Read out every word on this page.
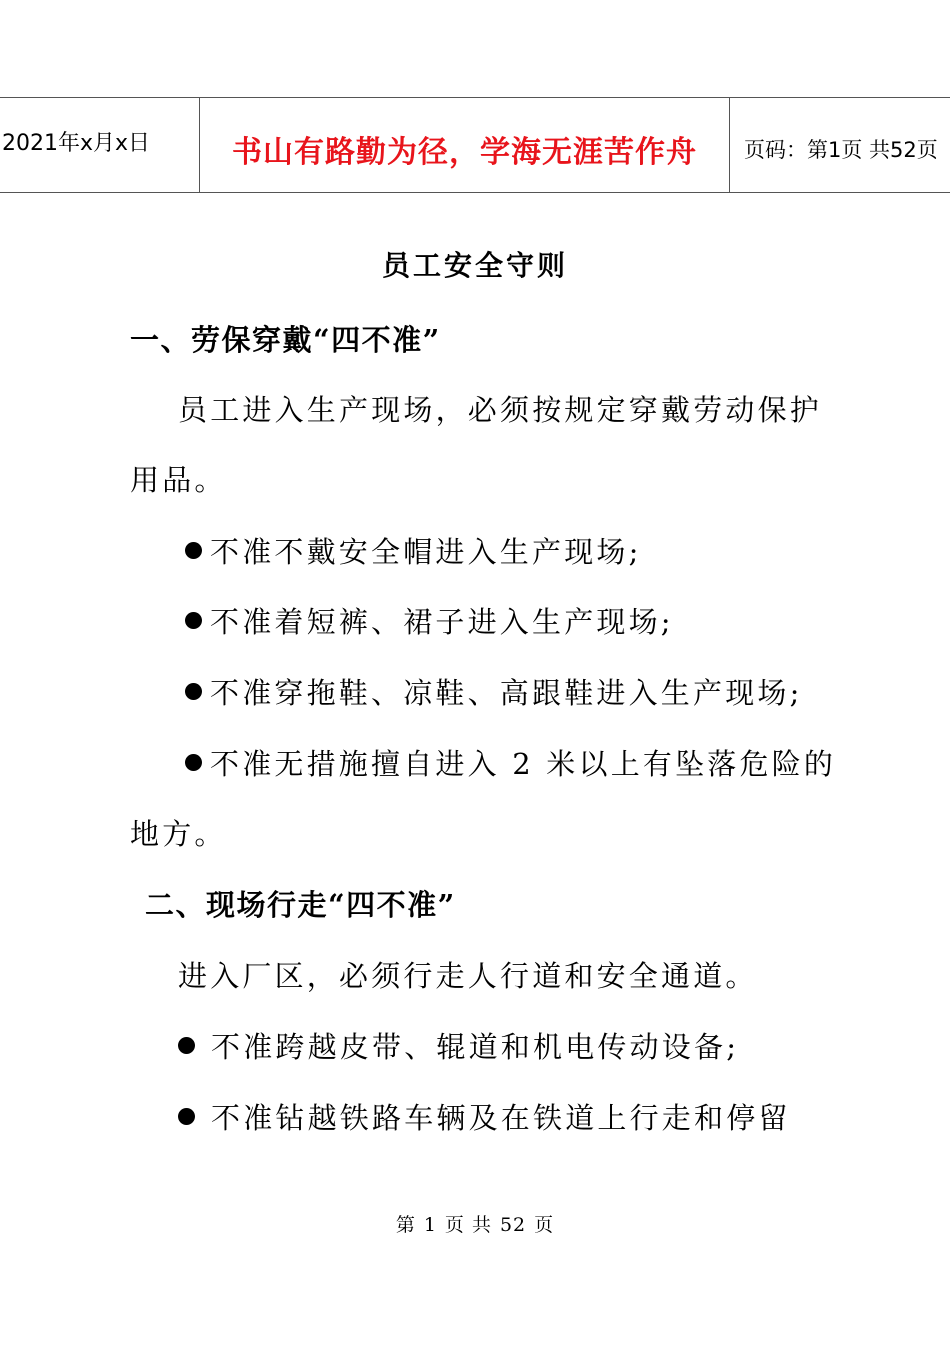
2021年x月x日	书山有路勤为径，学海无涯苦作舟	页码：第1页 共52页
员工安全守则
一、劳保穿戴“四不准”
员工进入生产现场，必须按规定穿戴劳动保护
用品。
不准不戴安全帽进入生产现场;
不准着短裤、裙子进入生产现场;
不准穿拖鞋、凉鞋、高跟鞋进入生产现场;
不准无措施擅自进入 2 米以上有坠落危险的
地方。
二、现场行走“四不准”
进入厂区，必须行走人行道和安全通道。
不准跨越皮带、辊道和机电传动设备;
不准钻越铁路车辆及在铁道上行走和停留
第 1 页 共 52 页
